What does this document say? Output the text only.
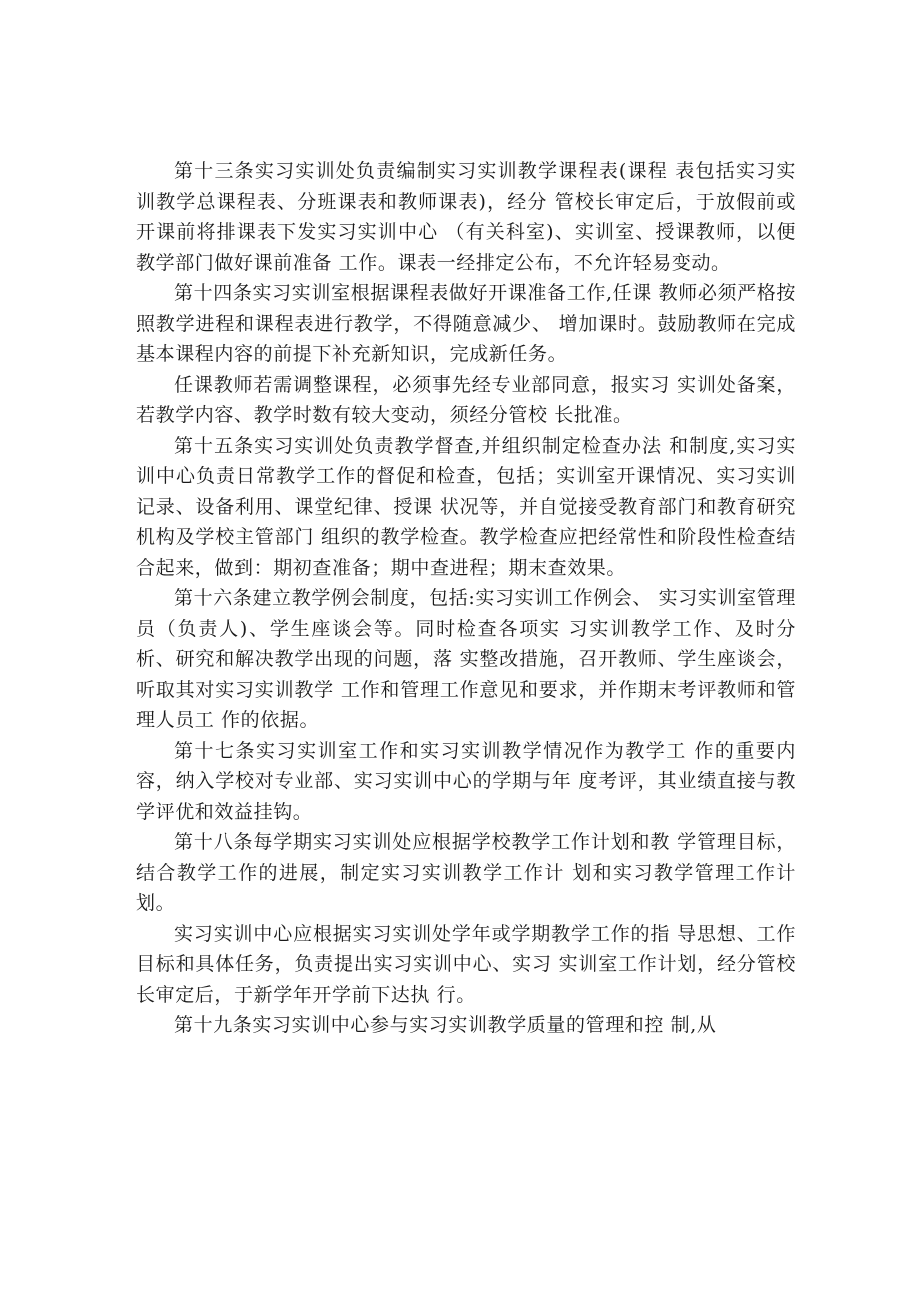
第十三条实习实训处负责编制实习实训教学课程表(课程 表包括实习实训教学总课程表、分班课表和教师课表)，经分 管校长审定后，于放假前或开课前将排课表下发实习实训中心 （有关科室)、实训室、授课教师，以便教学部门做好课前准备 工作。课表一经排定公布，不允许轻易变动。

第十四条实习实训室根据课程表做好开课准备工作,任课 教师必须严格按照教学进程和课程表进行教学，不得随意减少、 增加课时。鼓励教师在完成基本课程内容的前提下补充新知识，完成新任务。

任课教师若需调整课程，必须事先经专业部同意，报实习 实训处备案，若教学内容、教学时数有较大变动，须经分管校 长批准。

第十五条实习实训处负责教学督查,并组织制定检查办法 和制度,实习实训中心负责日常教学工作的督促和检查，包括；实训室开课情况、实习实训记录、设备利用、课堂纪律、授课 状况等，并自觉接受教育部门和教育研究机构及学校主管部门 组织的教学检查。教学检查应把经常性和阶段性检查结合起来，做到：期初查准备；期中查进程；期末查效果。

第十六条建立教学例会制度，包括:实习实训工作例会、 实习实训室管理员（负责人)、学生座谈会等。同时检查各项实 习实训教学工作、及时分析、研究和解决教学出现的问题，落 实整改措施，召开教师、学生座谈会，听取其对实习实训教学 工作和管理工作意见和要求，并作期末考评教师和管理人员工 作的依据。

第十七条实习实训室工作和实习实训教学情况作为教学工 作的重要内容，纳入学校对专业部、实习实训中心的学期与年 度考评，其业绩直接与教学评优和效益挂钩。

第十八条每学期实习实训处应根据学校教学工作计划和教 学管理目标，结合教学工作的进展，制定实习实训教学工作计 划和实习教学管理工作计划。

实习实训中心应根据实习实训处学年或学期教学工作的指 导思想、工作目标和具体任务，负责提出实习实训中心、实习 实训室工作计划，经分管校长审定后，于新学年开学前下达执 行。

第十九条实习实训中心参与实习实训教学质量的管理和控 制,从
